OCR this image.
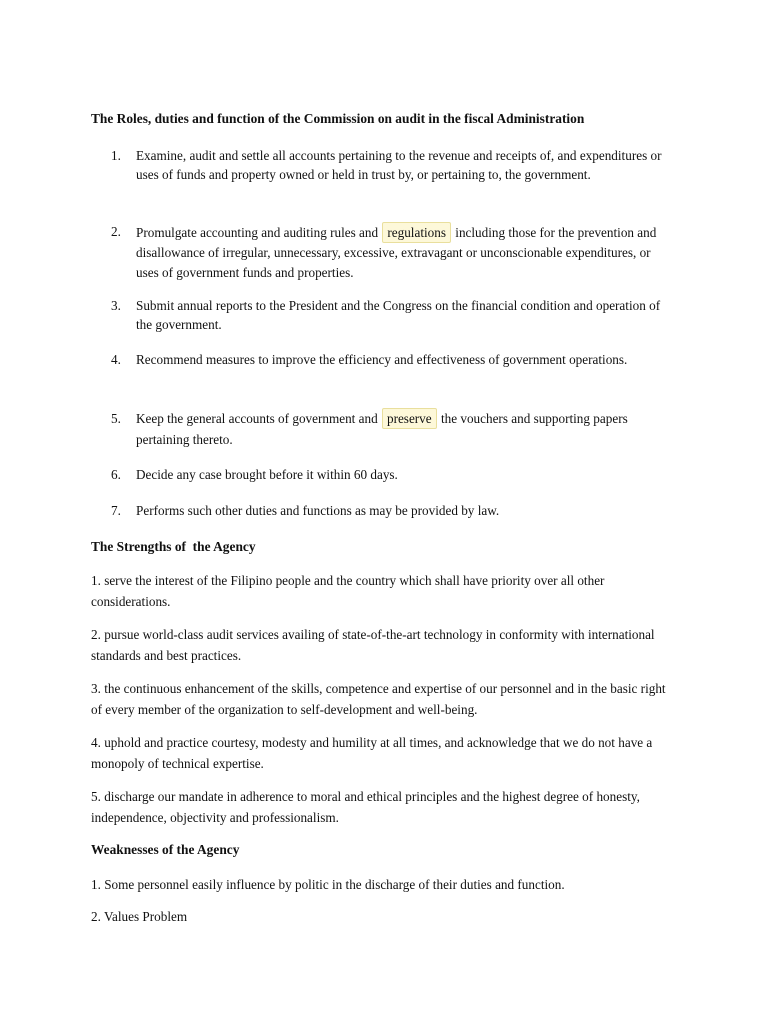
The Roles, duties and function of the Commission on audit in the fiscal Administration
1.	Examine, audit and settle all accounts pertaining to the revenue and receipts of, and expenditures or uses of funds and property owned or held in trust by, or pertaining to, the government.
2.	Promulgate accounting and auditing rules and regulations including those for the prevention and disallowance of irregular, unnecessary, excessive, extravagant or unconscionable expenditures, or uses of government funds and properties.
3.	Submit annual reports to the President and the Congress on the financial condition and operation of the government.
4.	Recommend measures to improve the efficiency and effectiveness of government operations.
5.	Keep the general accounts of government and preserve the vouchers and supporting papers pertaining thereto.
6.	Decide any case brought before it within 60 days.
7.	Performs such other duties and functions as may be provided by law.
The Strengths of  the Agency
1. serve the interest of the Filipino people and the country which shall have priority over all other considerations.
2. pursue world-class audit services availing of state-of-the-art technology in conformity with international standards and best practices.
3. the continuous enhancement of the skills, competence and expertise of our personnel and in the basic right of every member of the organization to self-development and well-being.
4. uphold and practice courtesy, modesty and humility at all times, and acknowledge that we do not have a monopoly of technical expertise.
5. discharge our mandate in adherence to moral and ethical principles and the highest degree of honesty, independence, objectivity and professionalism.
Weaknesses of the Agency
1. Some personnel easily influence by politic in the discharge of their duties and function.
2. Values Problem
